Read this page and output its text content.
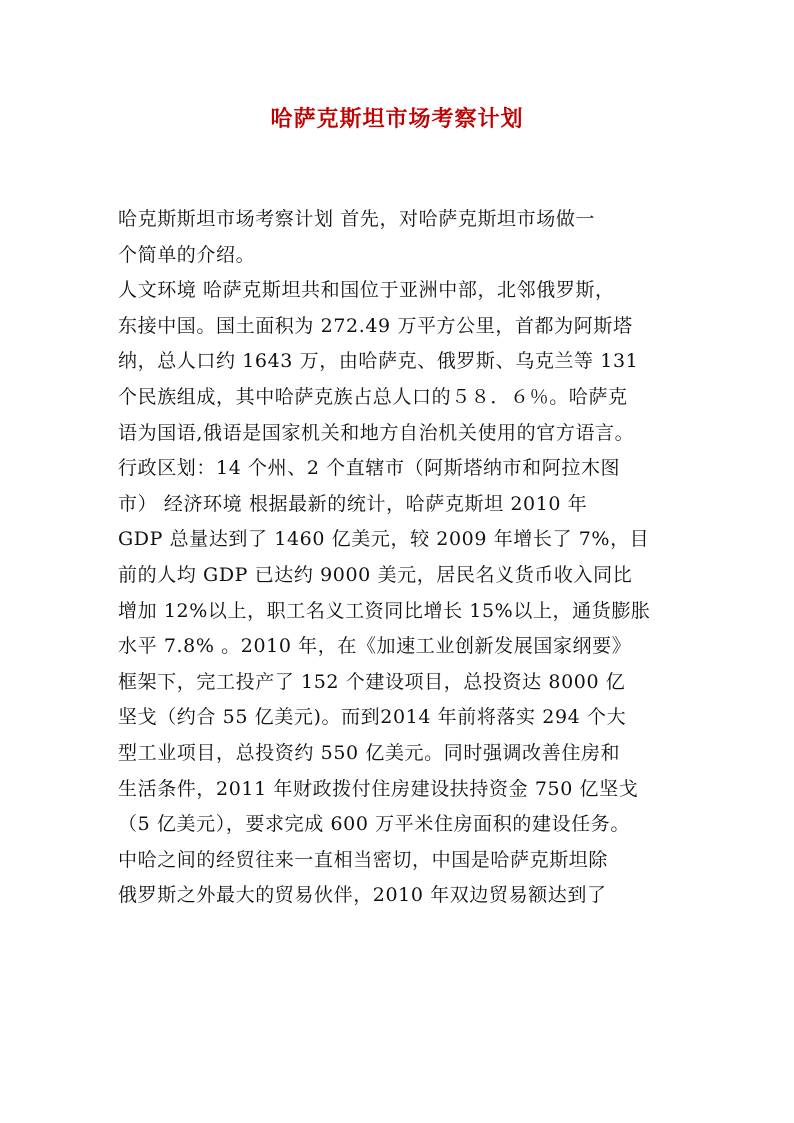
哈萨克斯坦市场考察计划
哈克斯斯坦市场考察计划 首先，对哈萨克斯坦市场做一
个简单的介绍。
人文环境 哈萨克斯坦共和国位于亚洲中部，北邻俄罗斯，
东接中国。国土面积为 272.49 万平方公里，首都为阿斯塔
纳，总人口约 1643 万，由哈萨克、俄罗斯、乌克兰等 131
个民族组成，其中哈萨克族占总人口的５８．６％。哈萨克
语为国语,俄语是国家机关和地方自治机关使用的官方语言。
行政区划：14 个州、2 个直辖市（阿斯塔纳市和阿拉木图
市） 经济环境 根据最新的统计，哈萨克斯坦 2010 年
GDP 总量达到了 1460 亿美元，较 2009 年增长了 7%，目
前的人均 GDP 已达约 9000 美元，居民名义货币收入同比
增加 12%以上，职工名义工资同比增长 15%以上，通货膨胀
水平 7.8% 。2010 年，在《加速工业创新发展国家纲要》
框架下，完工投产了 152 个建设项目，总投资达 8000 亿
坚戈（约合 55 亿美元)。而到2014 年前将落实 294 个大
型工业项目，总投资约 550 亿美元。同时强调改善住房和
生活条件，2011 年财政拨付住房建设扶持资金 750 亿坚戈
（5 亿美元），要求完成 600 万平米住房面积的建设任务。
中哈之间的经贸往来一直相当密切，中国是哈萨克斯坦除
俄罗斯之外最大的贸易伙伴，2010 年双边贸易额达到了
